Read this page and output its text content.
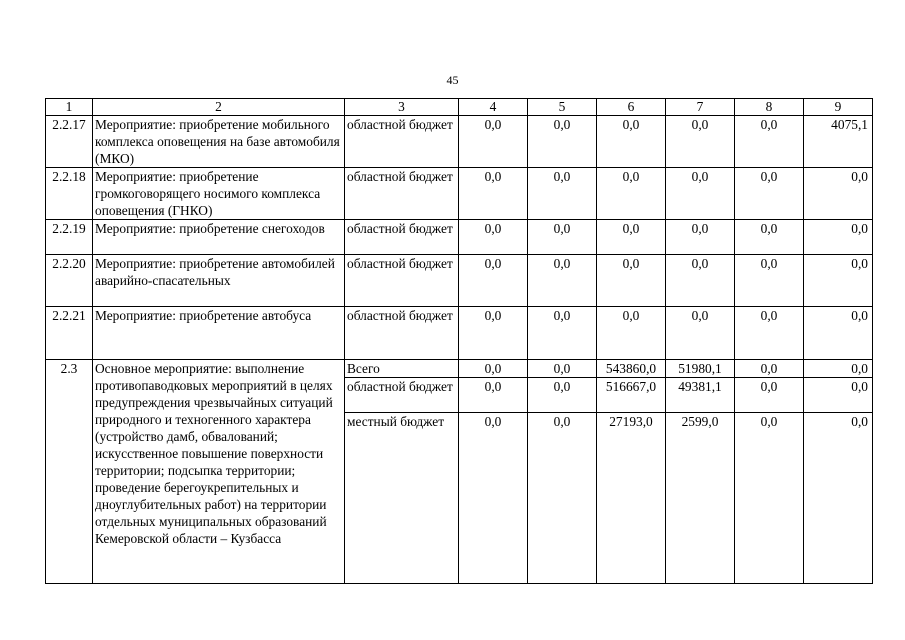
45
1	2	3	4	5	6	7	8	9
2.2.17	Мероприятие: приобретение мобильного комплекса оповещения на базе автомобиля (МКО)	областной бюджет	0,0	0,0	0,0	0,0	0,0	4075,1
2.2.18	Мероприятие: приобретение громкоговорящего носимого комплекса оповещения (ГНКО)	областной бюджет	0,0	0,0	0,0	0,0	0,0	0,0
2.2.19	Мероприятие: приобретение снегоходов	областной бюджет	0,0	0,0	0,0	0,0	0,0	0,0
2.2.20	Мероприятие: приобретение автомобилей аварийно-спасательных	областной бюджет	0,0	0,0	0,0	0,0	0,0	0,0
2.2.21	Мероприятие: приобретение автобуса	областной бюджет	0,0	0,0	0,0	0,0	0,0	0,0
2.3	Основное мероприятие: выполнение противопаводковых мероприятий в целях предупреждения чрезвычайных ситуаций природного и техногенного характера (устройство дамб, обвалований; искусственное повышение поверхности территории; подсыпка территории; проведение берегоукрепительных и дноуглубительных работ) на территории отдельных муниципальных образований Кемеровской области – Кузбасса	Всего	0,0	0,0	543860,0	51980,1	0,0	0,0
		областной бюджет	0,0	0,0	516667,0	49381,1	0,0	0,0
		местный бюджет	0,0	0,0	27193,0	2599,0	0,0	0,0
